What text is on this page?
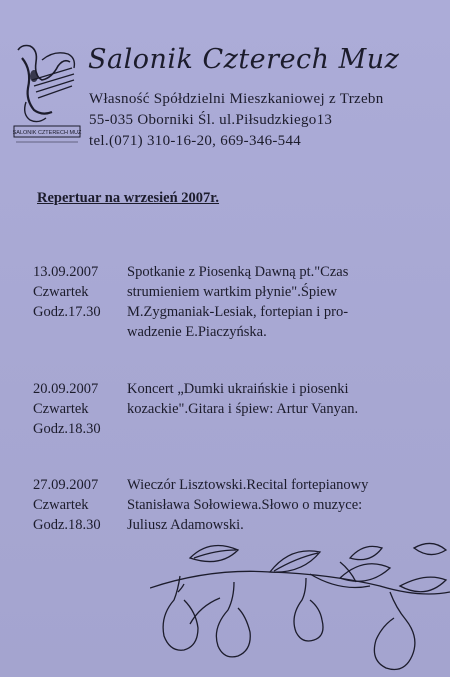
SALONIK CZTERECH MUZ
Salonik Czterech Muz
Własność Spółdzielni Mieszkaniowej z Trzebn
55-035 Oborniki Śl. ul.Piłsudzkiego13
tel.(071) 310-16-20, 669-346-544
Repertuar na wrzesień 2007r.
13.09.2007
Czwartek
Godz.17.30
Spotkanie z Piosenką Dawną pt."Czas
strumieniem wartkim płynie".Śpiew
M.Zygmaniak-Lesiak, fortepian i pro-
wadzenie E.Piaczyńska.
20.09.2007
Czwartek
Godz.18.30
Koncert „Dumki ukraińskie i piosenki
kozackie".Gitara i śpiew: Artur Vanyan.
27.09.2007
Czwartek
Godz.18.30
Wieczór Lisztowski.Recital fortepianowy
Stanisława Sołowiewa.Słowo o muzyce:
Juliusz Adamowski.
